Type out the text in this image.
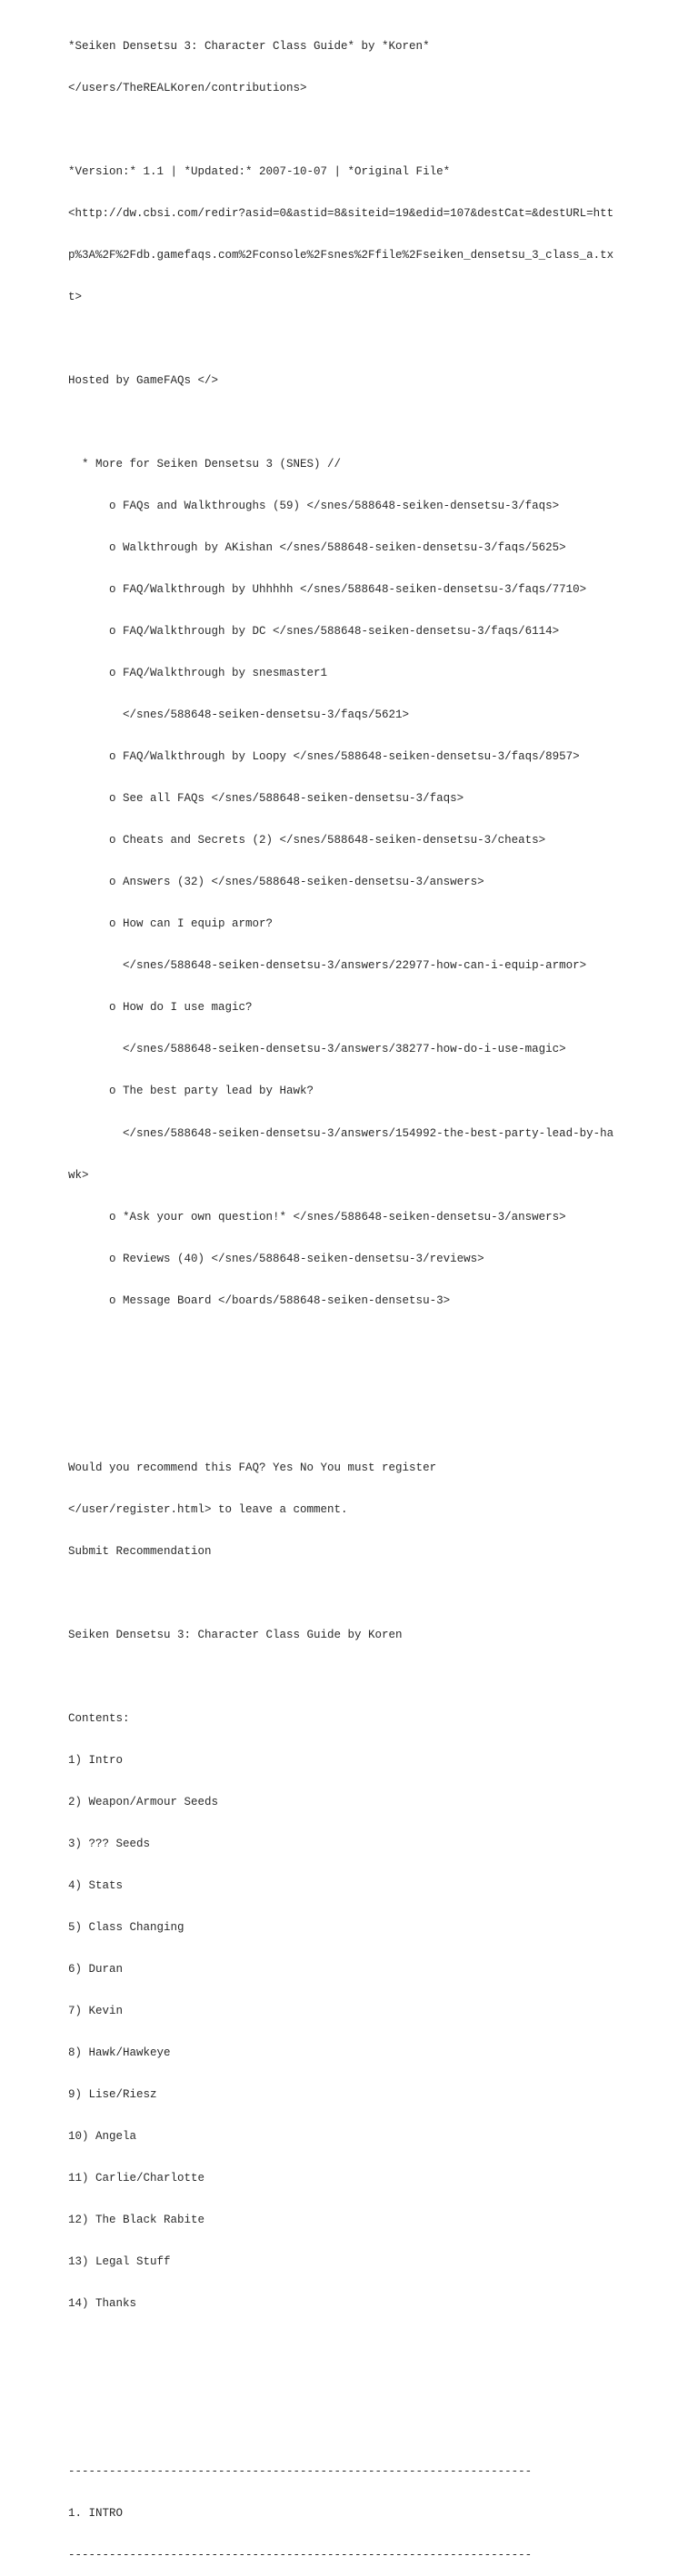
*Seiken Densetsu 3: Character Class Guide* by *Koren*

</users/TheREALKoren/contributions>

*Version:* 1.1 | *Updated:* 2007-10-07 | *Original File*

<http://dw.cbsi.com/redir?asid=0&astid=8&siteid=19&edid=107&destCat=&destURL=htt

p%3A%2F%2Fdb.gamefaqs.com%2Fconsole%2Fsnes%2Ffile%2Fseiken_densetsu_3_class_a.tx

t>

Hosted by GameFAQs </>

* More for Seiken Densetsu 3 (SNES) //

o FAQs and Walkthroughs (59) </snes/588648-seiken-densetsu-3/faqs>

o Walkthrough by AKishan </snes/588648-seiken-densetsu-3/faqs/5625>

o FAQ/Walkthrough by Uhhhhh </snes/588648-seiken-densetsu-3/faqs/7710>

o FAQ/Walkthrough by DC </snes/588648-seiken-densetsu-3/faqs/6114>

o FAQ/Walkthrough by snesmaster1

</snes/588648-seiken-densetsu-3/faqs/5621>

o FAQ/Walkthrough by Loopy </snes/588648-seiken-densetsu-3/faqs/8957>

o See all FAQs </snes/588648-seiken-densetsu-3/faqs>

o Cheats and Secrets (2) </snes/588648-seiken-densetsu-3/cheats>

o Answers (32) </snes/588648-seiken-densetsu-3/answers>

o How can I equip armor?

</snes/588648-seiken-densetsu-3/answers/22977-how-can-i-equip-armor>

o How do I use magic?

</snes/588648-seiken-densetsu-3/answers/38277-how-do-i-use-magic>

o The best party lead by Hawk?

</snes/588648-seiken-densetsu-3/answers/154992-the-best-party-lead-by-ha

wk>

o *Ask your own question!* </snes/588648-seiken-densetsu-3/answers>

o Reviews (40) </snes/588648-seiken-densetsu-3/reviews>

o Message Board </boards/588648-seiken-densetsu-3>

Would you recommend this FAQ? Yes No You must register

</user/register.html> to leave a comment.

Submit Recommendation

Seiken Densetsu 3: Character Class Guide by Koren

Contents:

1) Intro

2) Weapon/Armour Seeds

3) ??? Seeds

4) Stats

5) Class Changing

6) Duran

7) Kevin

8) Hawk/Hawkeye

9) Lise/Riesz

10) Angela

11) Carlie/Charlotte

12) The Black Rabite

13) Legal Stuff

14) Thanks

--------------------------------------------------------------------

1. INTRO

--------------------------------------------------------------------
